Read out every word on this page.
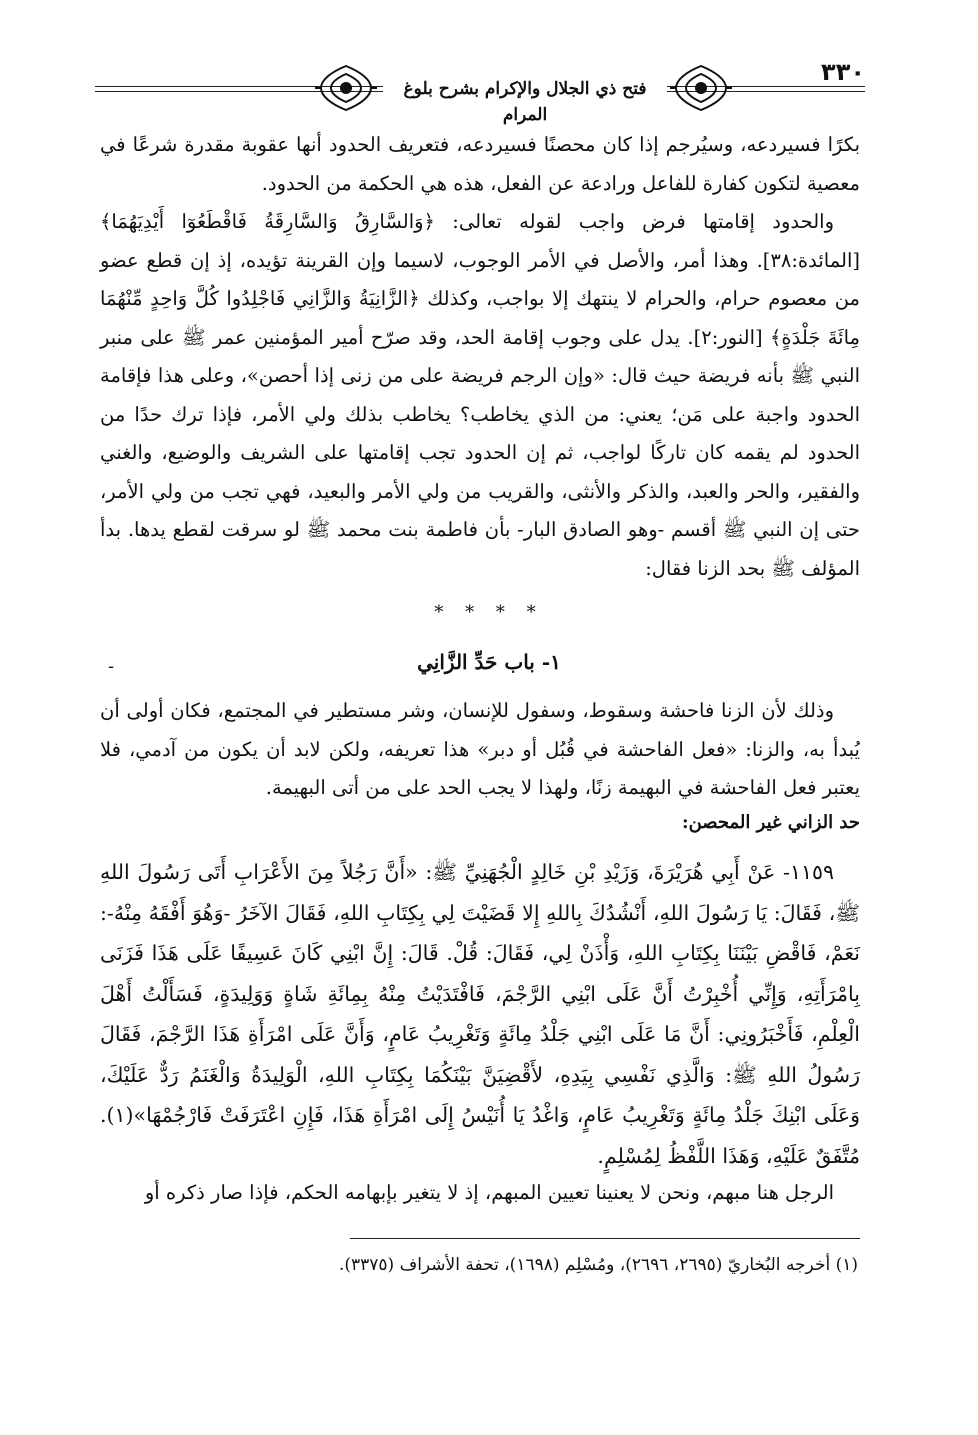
فتح ذي الجلال والإكرام بشرح بلوغ المرام
٣٣٠

بكرًا فسيردعه، وسيُرجم إذا كان محصنًا فسيردعه، فتعريف الحدود أنها عقوبة مقدرة شرعًا في معصية لتكون كفارة للفاعل ورادعة عن الفعل، هذه هي الحكمة من الحدود.

والحدود إقامتها فرض واجب لقوله تعالى: ﴿وَالسَّارِقُ وَالسَّارِقَةُ فَاقْطَعُوٓا أَيْدِيَهُمَا﴾ [المائدة:٣٨]. وهذا أمر، والأصل في الأمر الوجوب، لاسيما وإن القرينة تؤيده، إذ إن قطع عضو من معصوم حرام، والحرام لا ينتهك إلا بواجب، وكذلك ﴿الزَّانِيَةُ وَالزَّانِي فَاجْلِدُوا كُلَّ وَاحِدٍ مِّنْهُمَا مِائَةَ جَلْدَةٍ﴾ [النور:٢]. يدل على وجوب إقامة الحد، وقد صرّح أمير المؤمنين عمر ﷺ على منبر النبي ﷺ بأنه فريضة حيث قال: «وإن الرجم فريضة على من زنى إذا أحصن»، وعلى هذا فإقامة الحدود واجبة على مَن؛ يعني: من الذي يخاطب؟ يخاطب بذلك ولي الأمر، فإذا ترك حدًا من الحدود لم يقمه كان تاركًا لواجب، ثم إن الحدود تجب إقامتها على الشريف والوضيع، والغني والفقير، والحر والعبد، والذكر والأنثى، والقريب من ولي الأمر والبعيد، فهي تجب من ولي الأمر، حتى إن النبي ﷺ أقسم -وهو الصادق البار- بأن فاطمة بنت محمد ﷺ لو سرقت لقطع يدها. بدأ المؤلف ﷺ بحد الزنا فقال:

* * * *
١- باب حَدِّ الزَّانِي
-

وذلك لأن الزنا فاحشة وسقوط، وسفول للإنسان، وشر مستطير في المجتمع، فكان أولى أن يُبدأ به، والزنا: «فعل الفاحشة في قُبُل أو دبر» هذا تعريفه، ولكن لابد أن يكون من آدمي، فلا يعتبر فعل الفاحشة في البهيمة زنًا، ولهذا لا يجب الحد على من أتى البهيمة.

حد الزاني غير المحصن:

١١٥٩- عَنْ أَبِي هُرَيْرَةَ، وَزَيْدِ بْنِ خَالِدٍ الْجُهَنِيِّ ﷺ: «أَنَّ رَجُلاً مِنَ الأَعْرَابِ أَتَى رَسُولَ اللهِ ﷺ، فَقَالَ: يَا رَسُولَ اللهِ، أَنْشُدُكَ بِاللهِ إِلا قَضَيْتَ لِي بِكِتَابِ اللهِ، فَقَالَ الآخَرُ -وَهُوَ أَفْقَهُ مِنْهُ-: نَعَمْ، فَاقْضِ بَيْنَنَا بِكِتَابِ اللهِ، وَأْذَنْ لِي، فَقَالَ: قُلْ. قَالَ: إِنَّ ابْنِي كَانَ عَسِيفًا عَلَى هَذَا فَزَنَى بِامْرَأَتِهِ، وَإِنِّي أُخْبِرْتُ أَنَّ عَلَى ابْنِي الرَّجْمَ، فَافْتَدَيْتُ مِنْهُ بِمِائَةِ شَاةٍ وَوَلِيدَةٍ، فَسَأَلْتُ أَهْلَ الْعِلْمِ، فَأَخْبَرُونِي: أَنَّ مَا عَلَى ابْنِي جَلْدُ مِائَةٍ وَتَغْرِيبُ عَامٍ، وَأَنَّ عَلَى امْرَأَةِ هَذَا الرَّجْمَ، فَقَالَ رَسُولُ اللهِ ﷺ: وَالَّذِي نَفْسِي بِيَدِهِ، لأَقْضِيَنَّ بَيْنَكُمَا بِكِتَابِ اللهِ، الْوَلِيدَةُ وَالْغَنَمُ رَدٌّ عَلَيْكَ، وَعَلَى ابْنِكَ جَلْدُ مِائَةٍ وَتَغْرِيبُ عَامٍ، وَاغْدُ يَا أُنَيْسُ إِلَى امْرَأَةِ هَذَا، فَإِنِ اعْتَرَفَتْ فَارْجُمْهَا»(١). مُتَّفَقٌ عَلَيْهِ، وَهَذَا اللَّفْظُ لِمُسْلِمٍ.

الرجل هنا مبهم، ونحن لا يعنينا تعيين المبهم، إذ لا يتغير بإبهامه الحكم، فإذا صار ذكره أو

(١) أخرجه البُخاريّ (٢٦٩٥، ٢٦٩٦)، ومُسْلِم (١٦٩٨)، تحفة الأشراف (٣٣٧٥).
